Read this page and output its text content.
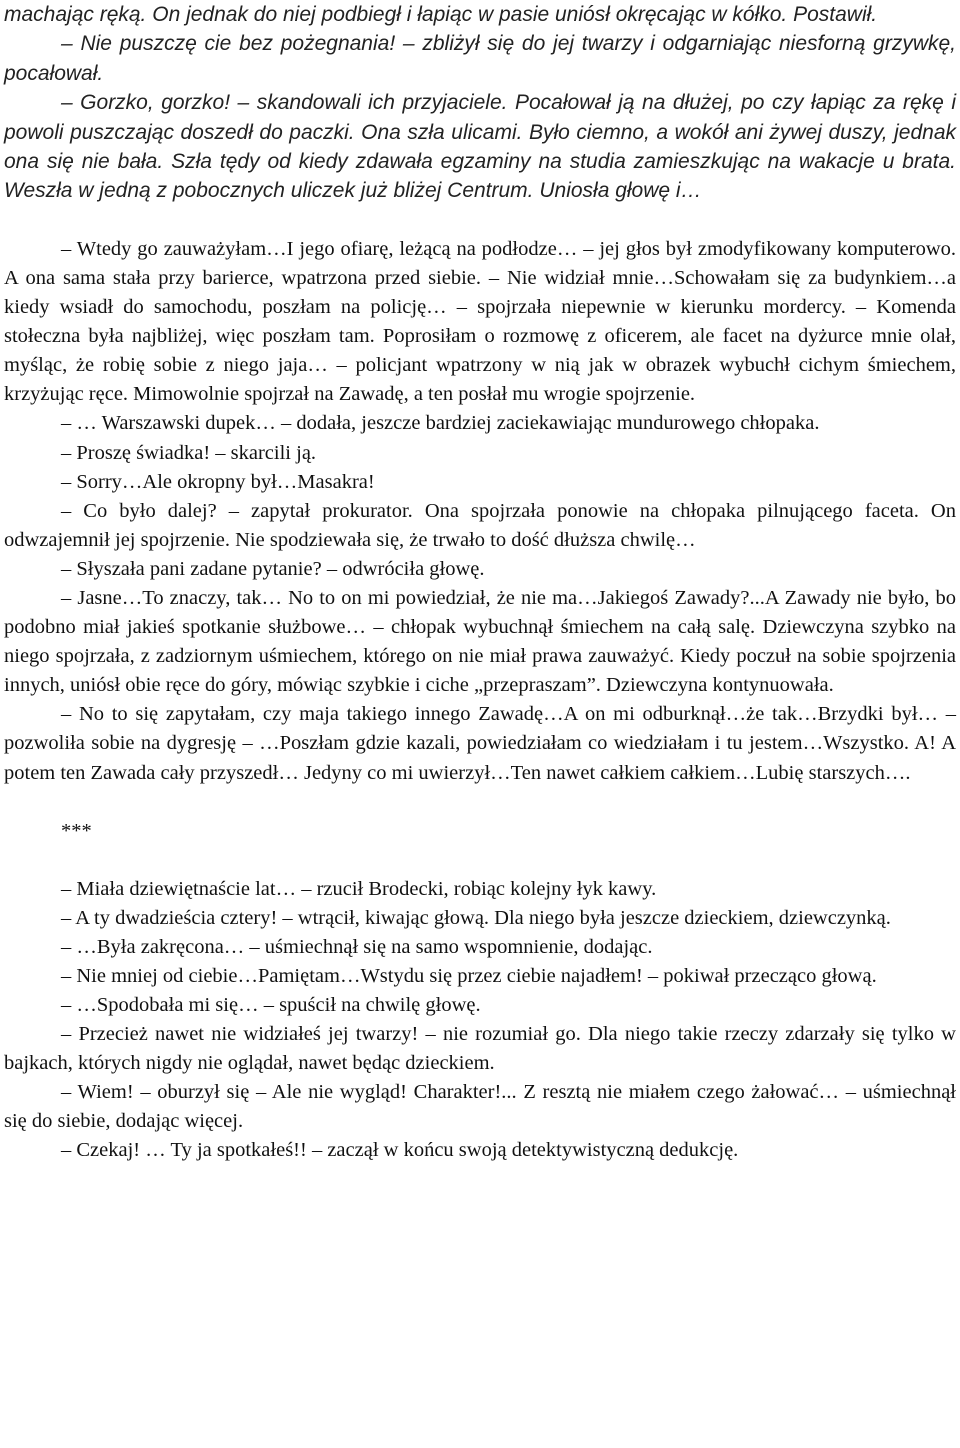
machając ręką. On jednak do niej podbiegł i łapiąc w pasie uniósł okręcając w kółko. Postawił.

– Nie puszczę cie bez pożegnania! – zbliżył się do jej twarzy i odgarniając niesforną grzywkę, pocałował.

– Gorzko, gorzko! – skandowali ich przyjaciele. Pocałował ją na dłużej, po czy łapiąc za rękę i powoli puszczając doszedł do paczki. Ona szła ulicami. Było ciemno, a wokół ani żywej duszy, jednak ona się nie bała. Szła tędy od kiedy zdawała egzaminy na studia zamieszkując na wakacje u brata. Weszła w jedną z pobocznych uliczek już bliżej Centrum. Uniosła głowę i…

– Wtedy go zauważyłam…I jego ofiarę, leżącą na podłodze… – jej głos był zmodyfikowany komputerowo. A ona sama stała przy barierce, wpatrzona przed siebie. – Nie widział mnie…Schowałam się za budynkiem…a kiedy wsiadł do samochodu, poszłam na policję… – spojrzała niepewnie w kierunku mordercy. – Komenda stołeczna była najbliżej, więc poszłam tam. Poprosiłam o rozmowę z oficerem, ale facet na dyżurce mnie olał, myśląc, że robię sobie z niego jaja… – policjant wpatrzony w nią jak w obrazek wybuchł cichym śmiechem, krzyżując ręce. Mimowolnie spojrzał na Zawadę, a ten posłał mu wrogie spojrzenie.

– … Warszawski dupek… – dodała, jeszcze bardziej zaciekawiając mundurowego chłopaka.

– Proszę świadka! – skarcili ją.

– Sorry…Ale okropny był…Masakra!

– Co było dalej? – zapytał prokurator. Ona spojrzała ponowie na chłopaka pilnującego faceta. On odwzajemnił jej spojrzenie. Nie spodziewała się, że trwało to dość dłuższa chwilę…

– Słyszała pani zadane pytanie? – odwróciła głowę.

– Jasne…To znaczy, tak… No to on mi powiedział, że nie ma…Jakiegoś Zawady?...A Zawady nie było, bo podobno miał jakieś spotkanie służbowe… – chłopak wybuchnął śmiechem na całą salę. Dziewczyna szybko na niego spojrzała, z zadziornym uśmiechem, którego on nie miał prawa zauważyć. Kiedy poczuł na sobie spojrzenia innych, uniósł obie ręce do góry, mówiąc szybkie i ciche „przepraszam”. Dziewczyna kontynuowała.

– No to się zapytałam, czy maja takiego innego Zawadę…A on mi odburknął…że tak…Brzydki był… – pozwoliła sobie na dygresję – …Poszłam gdzie kazali, powiedziałam co wiedziałam i tu jestem…Wszystko. A! A potem ten Zawada cały przyszedł… Jedyny co mi uwierzył…Ten nawet całkiem całkiem…Lubię starszych….

***

– Miała dziewiętnaście lat… – rzucił Brodecki, robiąc kolejny łyk kawy.

– A ty dwadzieścia cztery! – wtrącił, kiwając głową. Dla niego była jeszcze dzieckiem, dziewczynką.

– …Była zakręcona… – uśmiechnął się na samo wspomnienie, dodając.

– Nie mniej od ciebie…Pamiętam…Wstydu się przez ciebie najadłem! – pokiwał przecząco głową.

– …Spodobała mi się… – spuścił na chwilę głowę.

– Przecież nawet nie widziałeś jej twarzy! – nie rozumiał go. Dla niego takie rzeczy zdarzały się tylko w bajkach, których nigdy nie oglądał, nawet będąc dzieckiem.

– Wiem! – oburzył się – Ale nie wygląd! Charakter!... Z resztą nie miałem czego żałować… – uśmiechnął się do siebie, dodając więcej.

– Czekaj! … Ty ja spotkałeś!! – zaczął w końcu swoją detektywistyczną dedukcję.
